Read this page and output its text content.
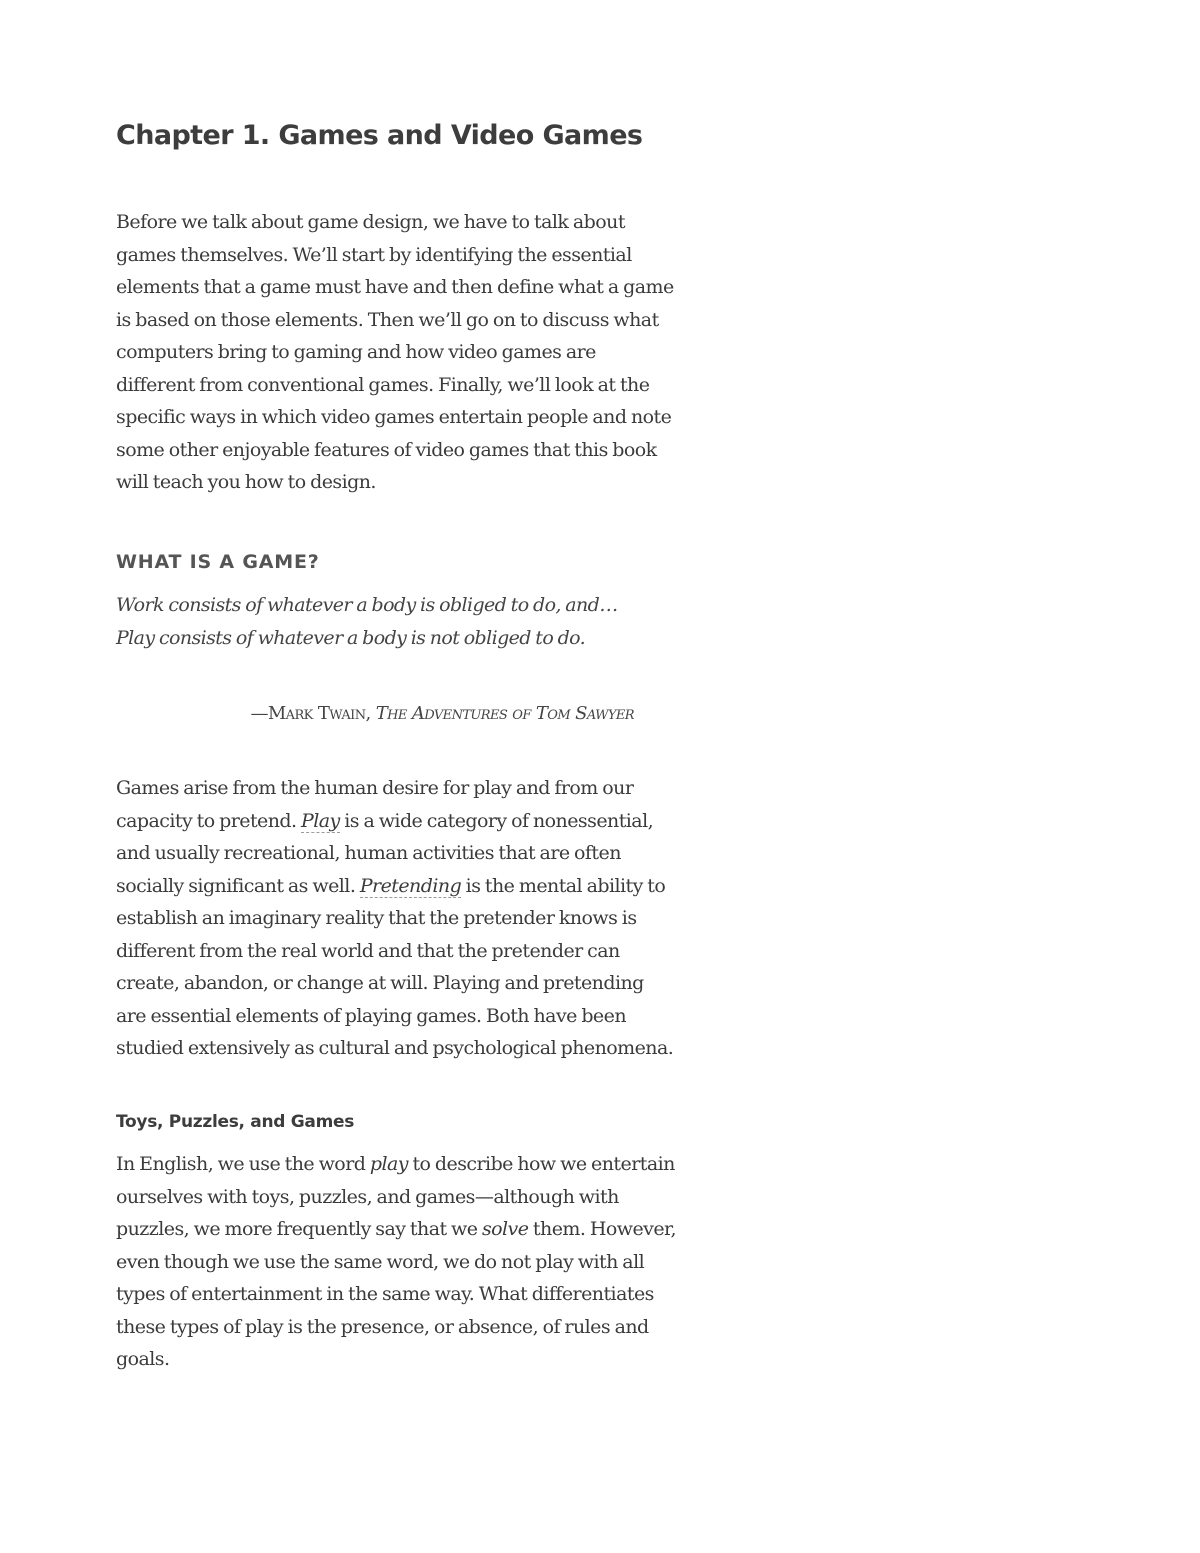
Chapter 1. Games and Video Games

Before we talk about game design, we have to talk about games themselves. We’ll start by identifying the essential elements that a game must have and then define what a game is based on those elements. Then we’ll go on to discuss what computers bring to gaming and how video games are different from conventional games. Finally, we’ll look at the specific ways in which video games entertain people and note some other enjoyable features of video games that this book will teach you how to design.

WHAT IS A GAME?

Work consists of whatever a body is obliged to do, and… Play consists of whatever a body is not obliged to do.

—Mark Twain, The Adventures of Tom Sawyer

Games arise from the human desire for play and from our capacity to pretend. Play is a wide category of nonessential, and usually recreational, human activities that are often socially significant as well. Pretending is the mental ability to establish an imaginary reality that the pretender knows is different from the real world and that the pretender can create, abandon, or change at will. Playing and pretending are essential elements of playing games. Both have been studied extensively as cultural and psychological phenomena.

Toys, Puzzles, and Games

In English, we use the word play to describe how we entertain ourselves with toys, puzzles, and games—although with puzzles, we more frequently say that we solve them. However, even though we use the same word, we do not play with all types of entertainment in the same way. What differentiates these types of play is the presence, or absence, of rules and goals.
